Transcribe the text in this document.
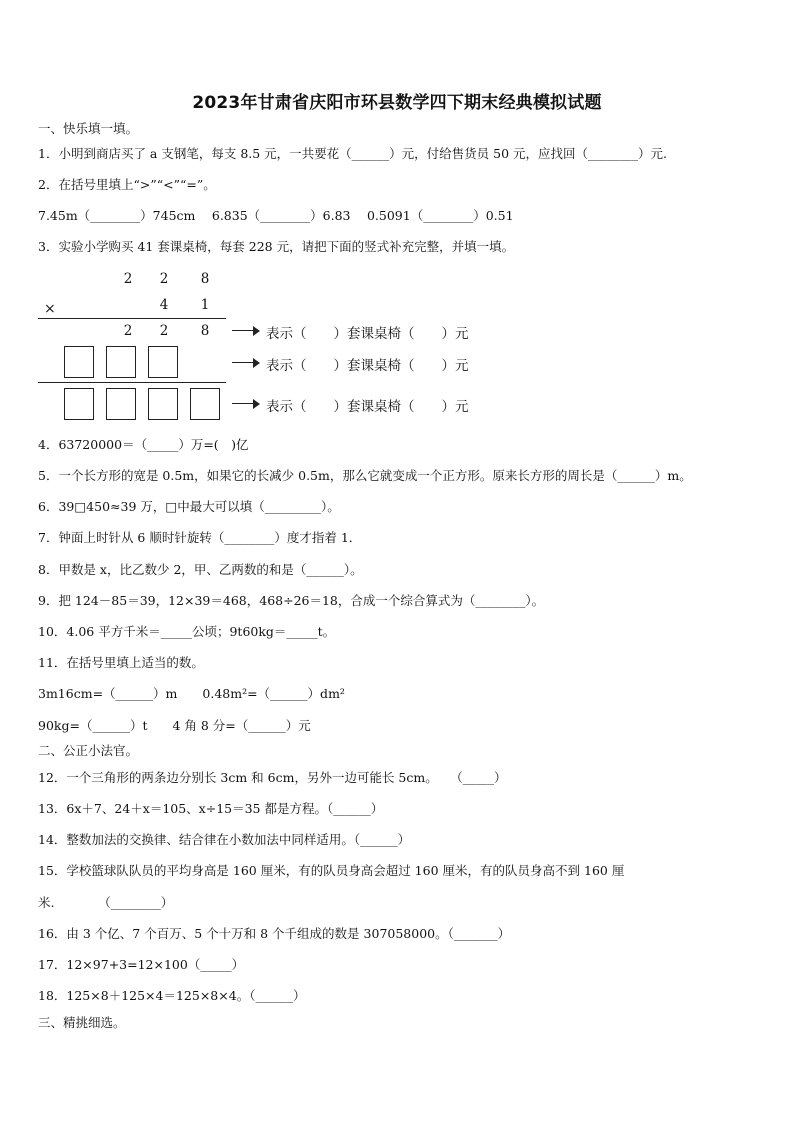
2023年甘肃省庆阳市环县数学四下期末经典模拟试题
一、快乐填一填。
1．小明到商店买了 a 支钢笔，每支 8.5 元，一共要花（______）元，付给售货员 50 元，应找回（________）元.
2．在括号里填上“>”“<”“=”。
7.45m（________）745cm　 6.835（________）6.83　 0.5091（________）0.51
3．实验小学购买 41 套课桌椅，每套 228 元，请把下面的竖式补充完整，并填一填。
2 2 8
×	4 1
2 2 8	表示（　　）套课桌椅（　　）元
表示（　　）套课桌椅（　　）元
表示（　　）套课桌椅（　　）元
4．63720000＝（_____）万=(　)亿
5．一个长方形的宽是 0.5m，如果它的长减少 0.5m，那么它就变成一个正方形。原来长方形的周长是（______）m。
6．39□450≈39 万，□中最大可以填（_________）。
7．钟面上时针从 6 顺时针旋转（________）度才指着 1．
8．甲数是 x，比乙数少 2，甲、乙两数的和是（______）。
9．把 124－85＝39，12×39＝468，468÷26＝18，合成一个综合算式为（________）。
10．4.06 平方千米＝_____公顷；9t60kg＝_____t。
11．在括号里填上适当的数。
3m16cm=（______）m　　0.48m²=（______）dm²
90kg=（______）t　　4 角 8 分=（______）元
二、公正小法官。
12．一个三角形的两条边分别长 3cm 和 6cm，另外一边可能长 5cm。　　（_____）
13．6x＋7、24＋x＝105、x÷15＝35 都是方程。（______）
14．整数加法的交换律、结合律在小数加法中同样适用。（______）
15．学校篮球队队员的平均身高是 160 厘米，有的队员身高会超过 160 厘米，有的队员身高不到 160 厘
米.　　　　（________）
16．由 3 个亿、7 个百万、5 个十万和 8 个千组成的数是 307058000。（_______）
17．12×97+3=12×100（_____）
18．125×8＋125×4＝125×8×4。（______）
三、精挑细选。
